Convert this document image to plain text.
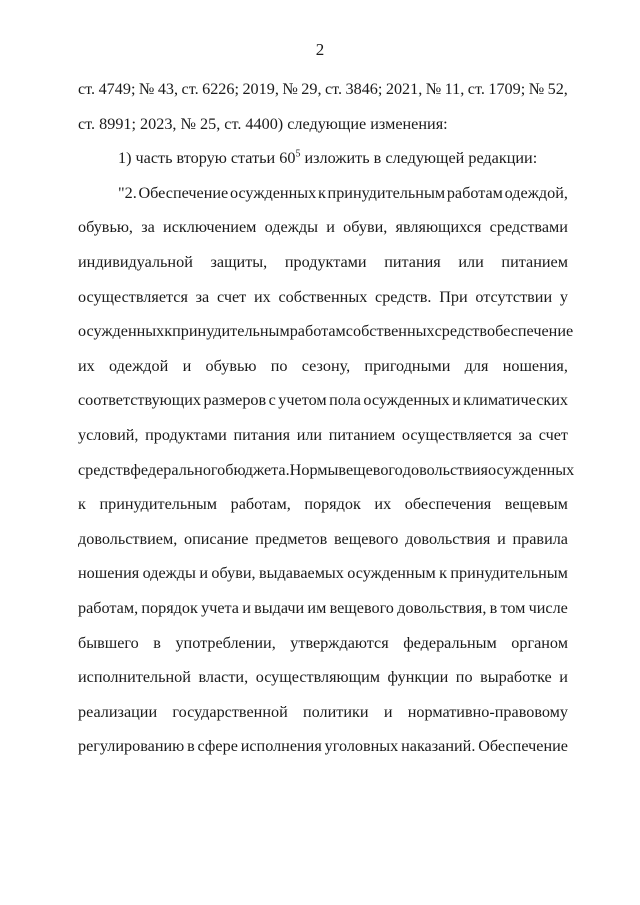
2
ст. 4749; № 43, ст. 6226; 2019, № 29, ст. 3846; 2021, № 11, ст. 1709; № 52,
ст. 8991; 2023, № 25, ст. 4400) следующие изменения:
1) часть вторую статьи $60^5$ изложить в следующей редакции:
"2. Обеспечение осужденных к принудительным работам одеждой,
обувью, за исключением одежды и обуви, являющихся средствами
индивидуальной защиты, продуктами питания или питанием
осуществляется за счет их собственных средств. При отсутствии у
осужденных к принудительным работам собственных средств обеспечение
их одеждой и обувью по сезону, пригодными для ношения,
соответствующих размеров с учетом пола осужденных и климатических
условий, продуктами питания или питанием осуществляется за счет
средств федерального бюджета. Нормы вещевого довольствия осужденных
к принудительным работам, порядок их обеспечения вещевым
довольствием, описание предметов вещевого довольствия и правила
ношения одежды и обуви, выдаваемых осужденным к принудительным
работам, порядок учета и выдачи им вещевого довольствия, в том числе
бывшего в употреблении, утверждаются федеральным органом
исполнительной власти, осуществляющим функции по выработке и
реализации государственной политики и нормативно-правовому
регулированию в сфере исполнения уголовных наказаний. Обеспечение
